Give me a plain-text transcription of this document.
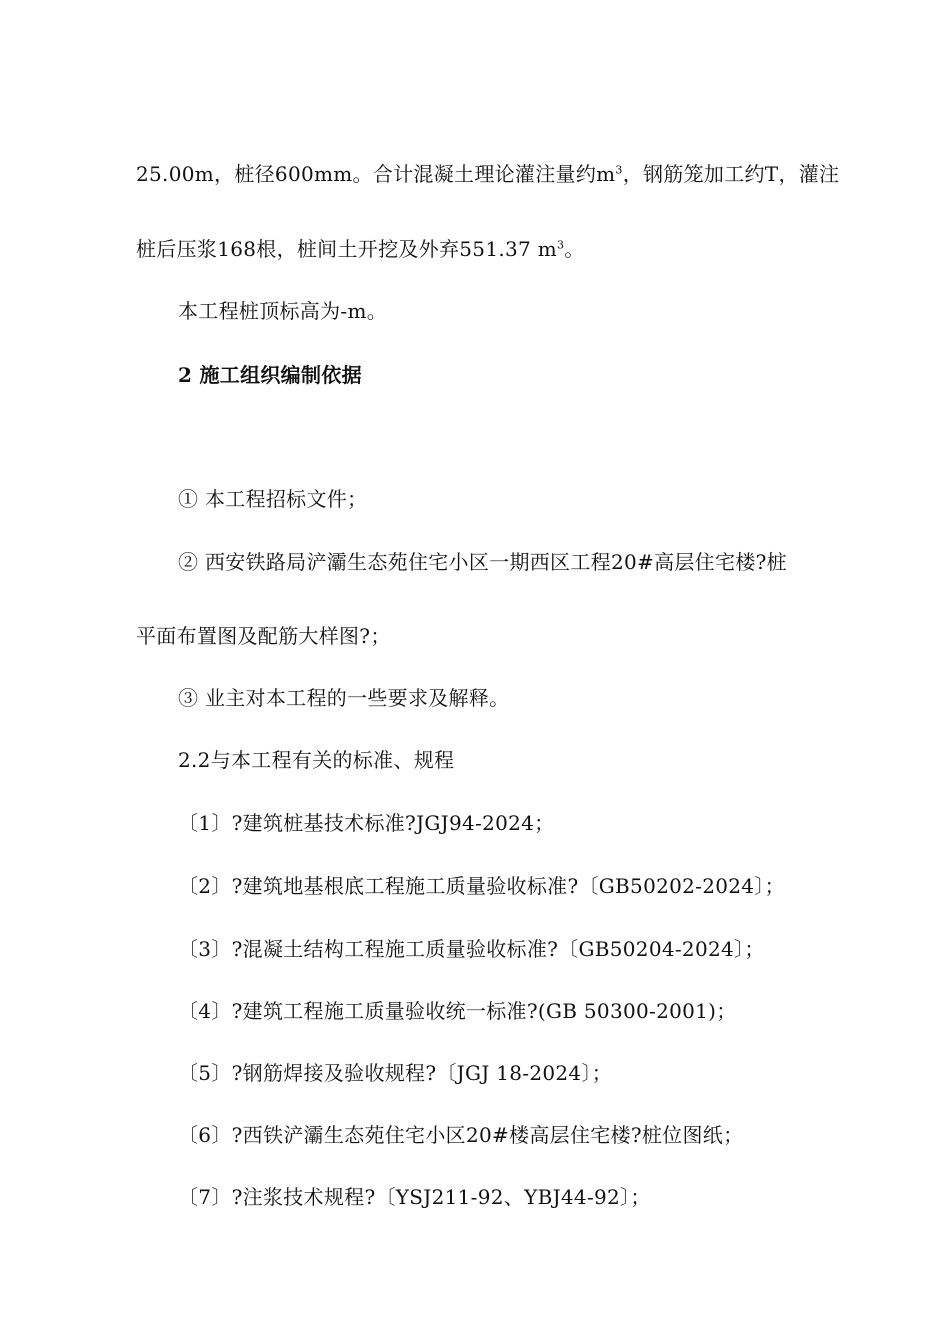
25.00m，桩径600mm。合计混凝土理论灌注量约$m^3$，钢筋笼加工约T，灌注
桩后压浆168根，桩间土开挖及外弃551.37 $m^3$。
本工程桩顶标高为-m。
2 施工组织编制依据
① 本工程招标文件；
② 西安铁路局浐灞生态苑住宅小区一期西区工程20#高层住宅楼?桩
平面布置图及配筋大样图?；
③ 业主对本工程的一些要求及解释。
2.2与本工程有关的标准、规程
〔1〕?建筑桩基技术标准?JGJ94-2024；
〔2〕?建筑地基根底工程施工质量验收标准?〔GB50202-2024〕；
〔3〕?混凝土结构工程施工质量验收标准?〔GB50204-2024〕；
〔4〕?建筑工程施工质量验收统一标准?(GB 50300-2001)；
〔5〕?钢筋焊接及验收规程?〔JGJ 18-2024〕；
〔6〕?西铁浐灞生态苑住宅小区20#楼高层住宅楼?桩位图纸；
〔7〕?注浆技术规程?〔YSJ211-92、YBJ44-92〕；
